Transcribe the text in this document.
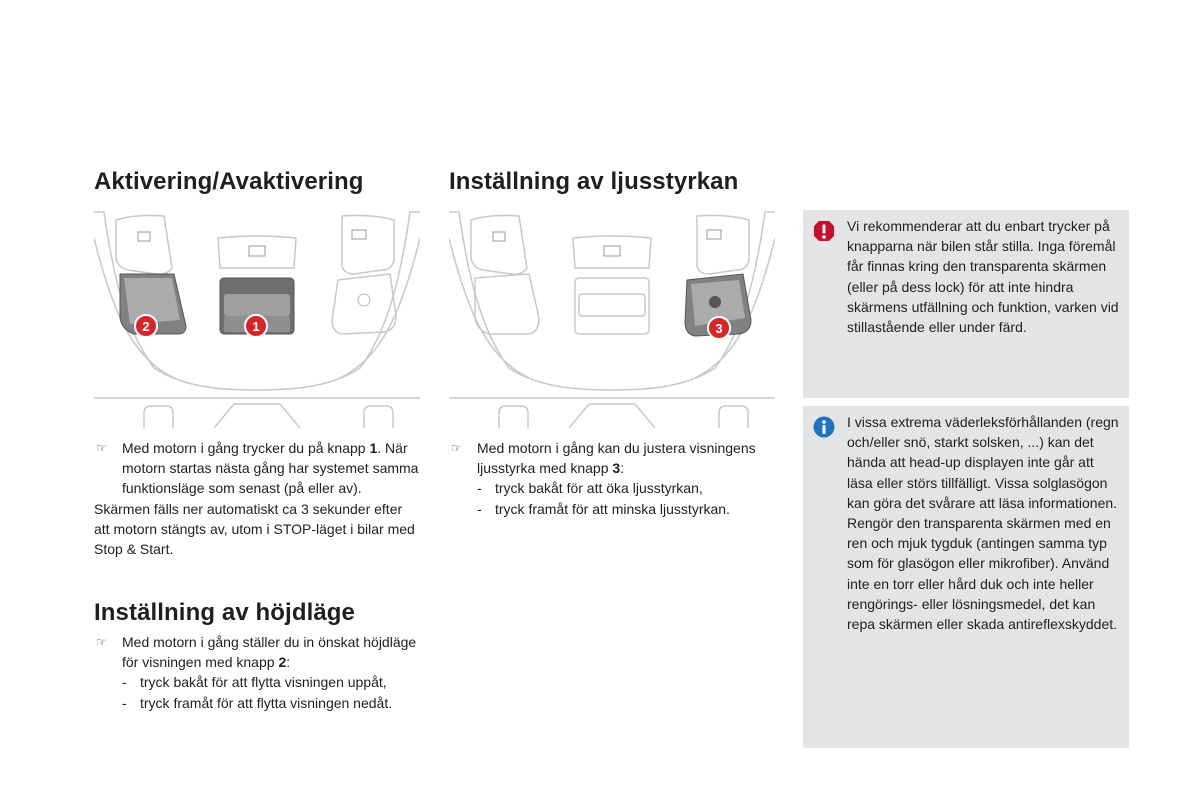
Aktivering/Avaktivering
2	1
☞ Med motorn i gång trycker du på knapp 1. När motorn startas nästa gång har systemet samma funktionsläge som senast (på eller av).
Skärmen fälls ner automatiskt ca 3 sekunder efter att motorn stängts av, utom i STOP-läget i bilar med Stop & Start.
Inställning av höjdläge
☞ Med motorn i gång ställer du in önskat höjdläge för visningen med knapp 2:
- tryck bakåt för att flytta visningen uppåt,
- tryck framåt för att flytta visningen nedåt.
Inställning av ljusstyrkan
3
☞ Med motorn i gång kan du justera visningens ljusstyrka med knapp 3:
- tryck bakåt för att öka ljusstyrkan,
- tryck framåt för att minska ljusstyrkan.
Vi rekommenderar att du enbart trycker på knapparna när bilen står stilla. Inga föremål får finnas kring den transparenta skärmen (eller på dess lock) för att inte hindra skärmens utfällning och funktion, varken vid stillastående eller under färd.
I vissa extrema väderleksförhållanden (regn och/eller snö, starkt solsken, ...) kan det hända att head-up displayen inte går att läsa eller störs tillfälligt. Vissa solglasögon kan göra det svårare att läsa informationen.
Rengör den transparenta skärmen med en ren och mjuk tygduk (antingen samma typ som för glasögon eller mikrofiber). Använd inte en torr eller hård duk och inte heller rengörings- eller lösningsmedel, det kan repa skärmen eller skada antireflexskyddet.
